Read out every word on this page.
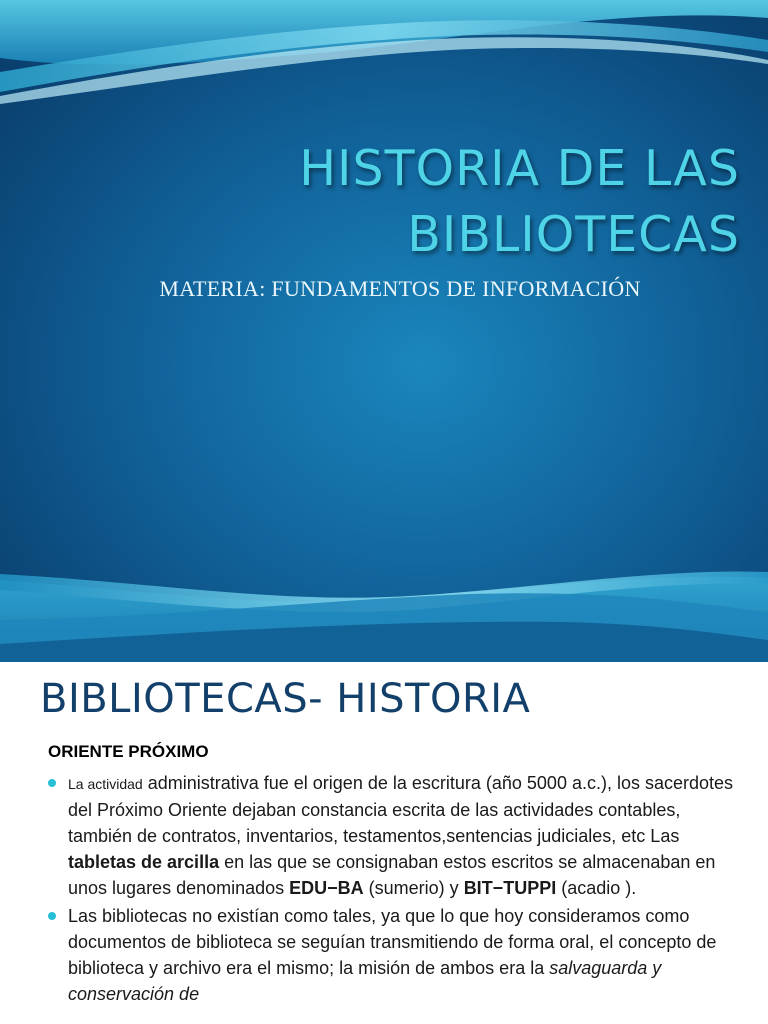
HISTORIA DE LAS
BIBLIOTECAS

MATERIA: FUNDAMENTOS DE INFORMACIÓN

BIBLIOTECAS- HISTORIA

ORIENTE PRÓXIMO

La actividad administrativa fue el origen de la escritura (año 5000 a.c.), los sacerdotes del Próximo Oriente dejaban constancia escrita de las actividades contables, también de contratos, inventarios, testamentos,sentencias judiciales, etc Las tabletas de arcilla en las que se consignaban estos escritos se almacenaban en unos lugares denominados EDU−BA (sumerio) y BIT−TUPPI (acadio ).
Las bibliotecas no existían como tales, ya que lo que hoy consideramos como documentos de biblioteca se seguían transmitiendo de forma oral, el concepto de biblioteca y archivo era el mismo; la misión de ambos era la salvaguarda y conservación de
